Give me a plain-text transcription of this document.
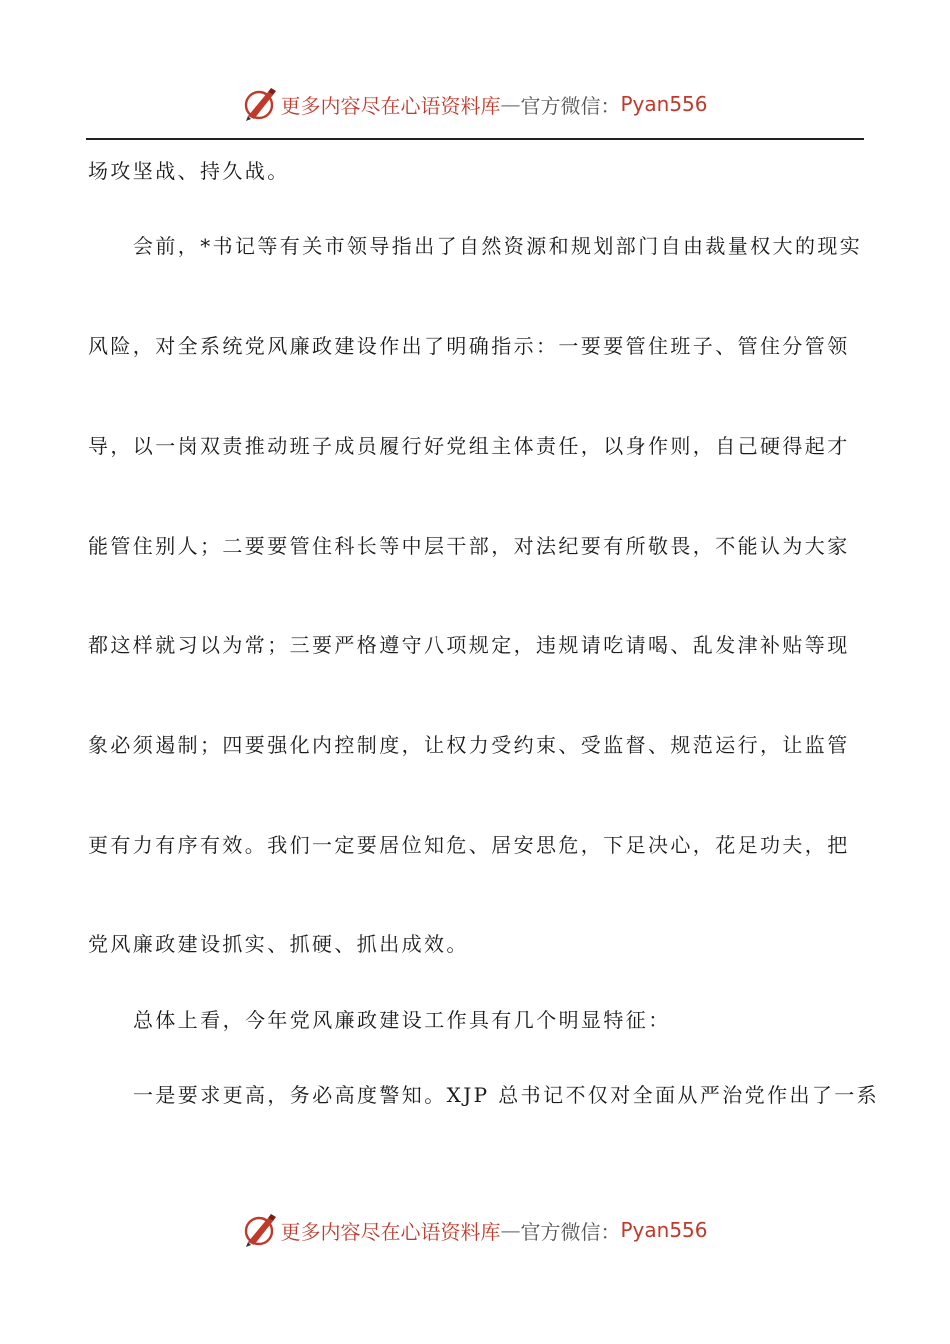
更多内容尽在心语资料库 — 官方微信： Pyan556
场攻坚战、持久战。
会前，*书记等有关市领导指出了自然资源和规划部门自由裁量权大的现实
风险，对全系统党风廉政建设作出了明确指示：一要要管住班子、管住分管领
导，以一岗双责推动班子成员履行好党组主体责任，以身作则，自己硬得起才
能管住别人；二要要管住科长等中层干部，对法纪要有所敬畏，不能认为大家
都这样就习以为常；三要严格遵守八项规定，违规请吃请喝、乱发津补贴等现
象必须遏制；四要强化内控制度，让权力受约束、受监督、规范运行，让监管
更有力有序有效。我们一定要居位知危、居安思危，下足决心，花足功夫，把
党风廉政建设抓实、抓硬、抓出成效。
总体上看，今年党风廉政建设工作具有几个明显特征：
一是要求更高，务必高度警知。XJP 总书记不仅对全面从严治党作出了一系
更多内容尽在心语资料库 — 官方微信： Pyan556
